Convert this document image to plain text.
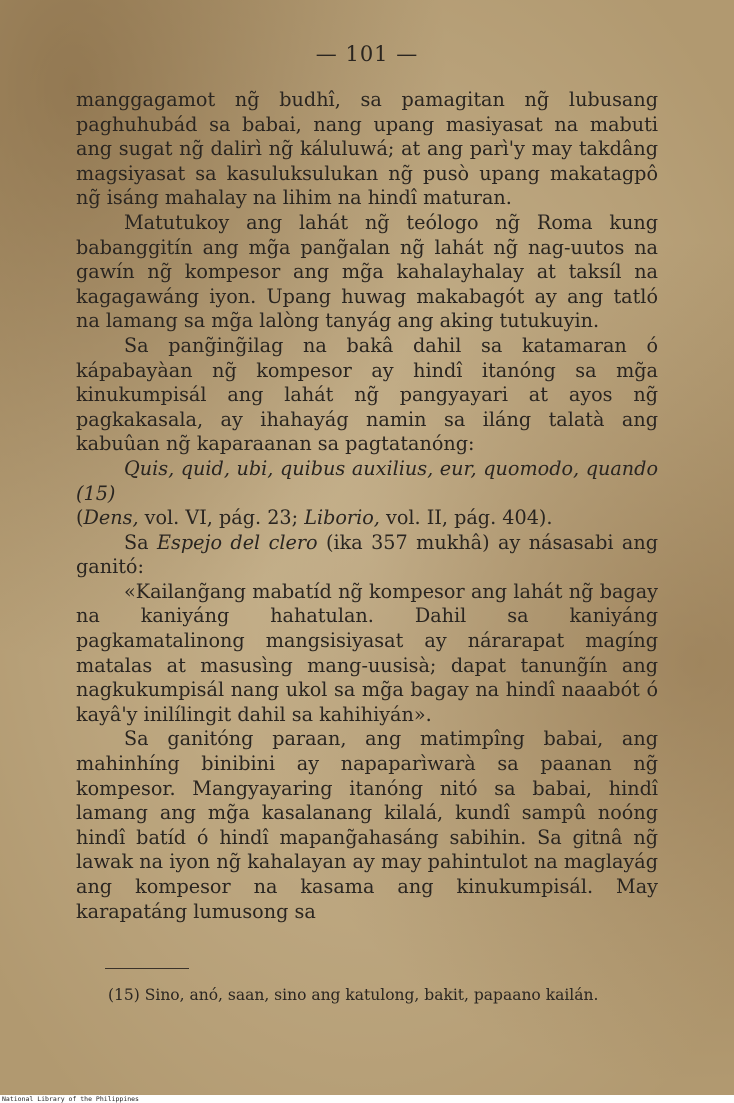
— 101 —

manggagamot ng̃ budhî, sa pamagitan ng̃ lubusang paghuhubád sa babai, nang upang masiyasat na mabuti ang sugat ng̃ dalirì ng̃ káluluwá; at ang parì'y may takdâng magsiyasat sa kasuluksulukan ng̃ pusò upang makatagpô ng̃ isáng mahalay na lihim na hindî maturan.

Matutukoy ang lahát ng̃ teólogo ng̃ Roma kung babanggitín ang mg̃a pang̃alan ng̃ lahát ng̃ nag-uutos na gawín ng̃ kompesor ang mg̃a kahalayhalay at taksíl na kagagawáng iyon. Upang huwag makabagót ay ang tatló na lamang sa mg̃a lalòng tanyág ang aking tutukuyin.

Sa pang̃ing̃ilag na bakâ dahil sa katamaran ó kápabayàan ng̃ kompesor ay hindî itanóng sa mg̃a kinukumpisál ang lahát ng̃ pangyayari at ayos ng̃ pagkakasala, ay ihahayág namin sa iláng talatà ang kabuûan ng̃ kaparaanan sa pagtatanóng:

Quis, quid, ubi, quibus auxilius, eur, quomodo, quando (15)

(Dens, vol. VI, pág. 23; Liborio, vol. II, pág. 404).

Sa Espejo del clero (ika 357 mukhâ) ay násasabi ang ganitó:

«Kailang̃ang mabatíd ng̃ kompesor ang lahát ng̃ bagay na kaniyáng hahatulan. Dahil sa kaniyáng pagkamatalinong mangsisiyasat ay nárarapat magíng matalas at masusìng mang-uusisà; dapat tanung̃ín ang nagkukumpisál nang ukol sa mg̃a bagay na hindî naaabót ó kayâ'y inilílingit dahil sa kahihiyán».

Sa ganitóng paraan, ang matimpîng babai, ang mahinhíng binibini ay napaparìwarà sa paanan ng̃ kompesor. Mangyayaring itanóng nitó sa babai, hindî lamang ang mg̃a kasalanang kilalá, kundî sampû noóng hindî batíd ó hindî mapang̃ahasáng sabihin. Sa gitnâ ng̃ lawak na iyon ng̃ kahalayan ay may pahintulot na maglayág ang kompesor na kasama ang kinukumpisál. May karapatáng lumusong sa

(15) Sino, anó, saan, sino ang katulong, bakit, papaano kailán.
National Library of the Philippines
